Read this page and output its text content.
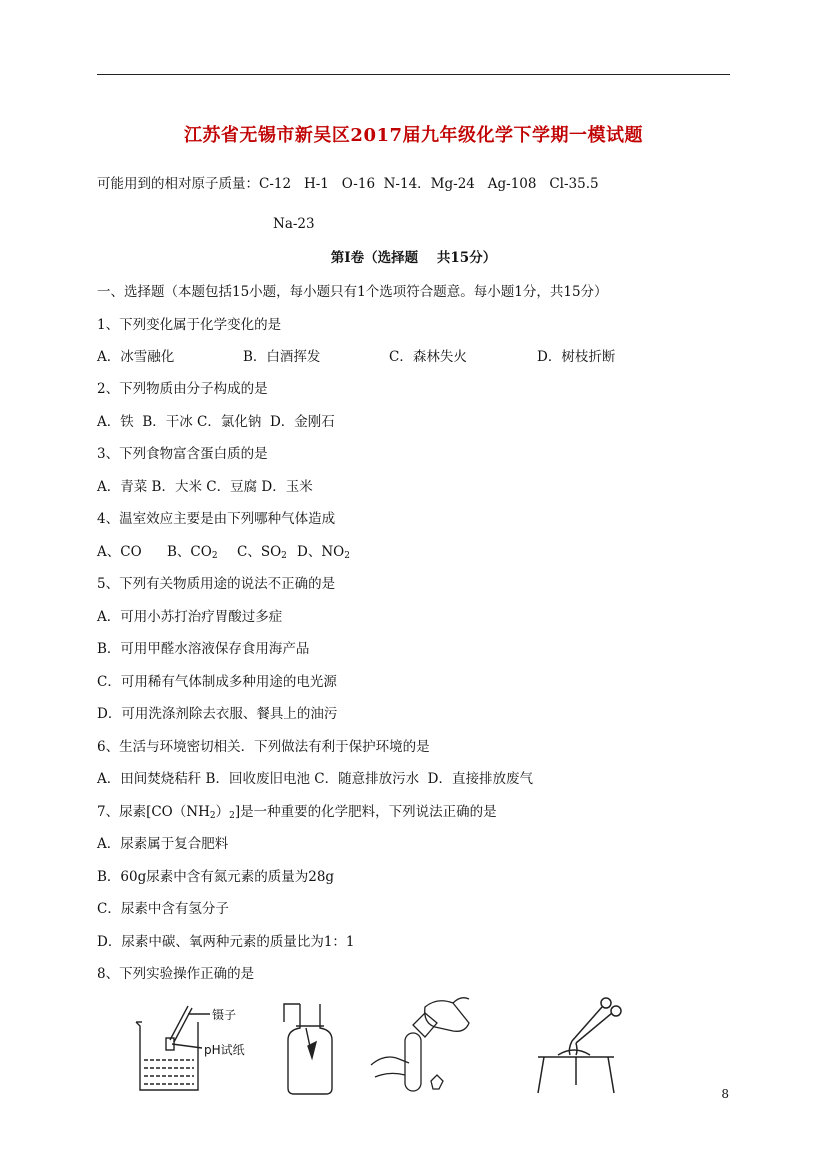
江苏省无锡市新吴区2017届九年级化学下学期一模试题
可能用到的相对原子质量：C-12   H-1   O-16  N-14．Mg-24   Ag-108   Cl-35.5
Na-23
第Ⅰ卷（选择题    共15分）
一、选择题（本题包括15小题，每小题只有1个选项符合题意。每小题1分，共15分）
1、下列变化属于化学变化的是
A．冰雪融化	B．白酒挥发	C．森林失火	D．树枝折断
2、下列物质由分子构成的是
A．铁  B．干冰 C．氯化钠  D．金刚石
3、下列食物富含蛋白质的是
A．青菜 B．大米 C．豆腐 D．玉米
4、温室效应主要是由下列哪种气体造成
A、CO B、$CO_2$ C、$SO_2$ D、$NO_2$
5、下列有关物质用途的说法不正确的是
A．可用小苏打治疗胃酸过多症
B．可用甲醛水溶液保存食用海产品
C．可用稀有气体制成多种用途的电光源
D．可用洗涤剂除去衣服、餐具上的油污
6、生活与环境密切相关．下列做法有利于保护环境的是
A．田间焚烧秸秆 B．回收废旧电池 C．随意排放污水  D．直接排放废气
7、尿素$[CO(NH_2)_2]$是一种重要的化学肥料，下列说法正确的是
A．尿素属于复合肥料
B．60g尿素中含有氮元素的质量为28g
C．尿素中含有氢分子
D．尿素中碳、氧两种元素的质量比为1：1
8、下列实验操作正确的是
镊子
pH试纸
8
